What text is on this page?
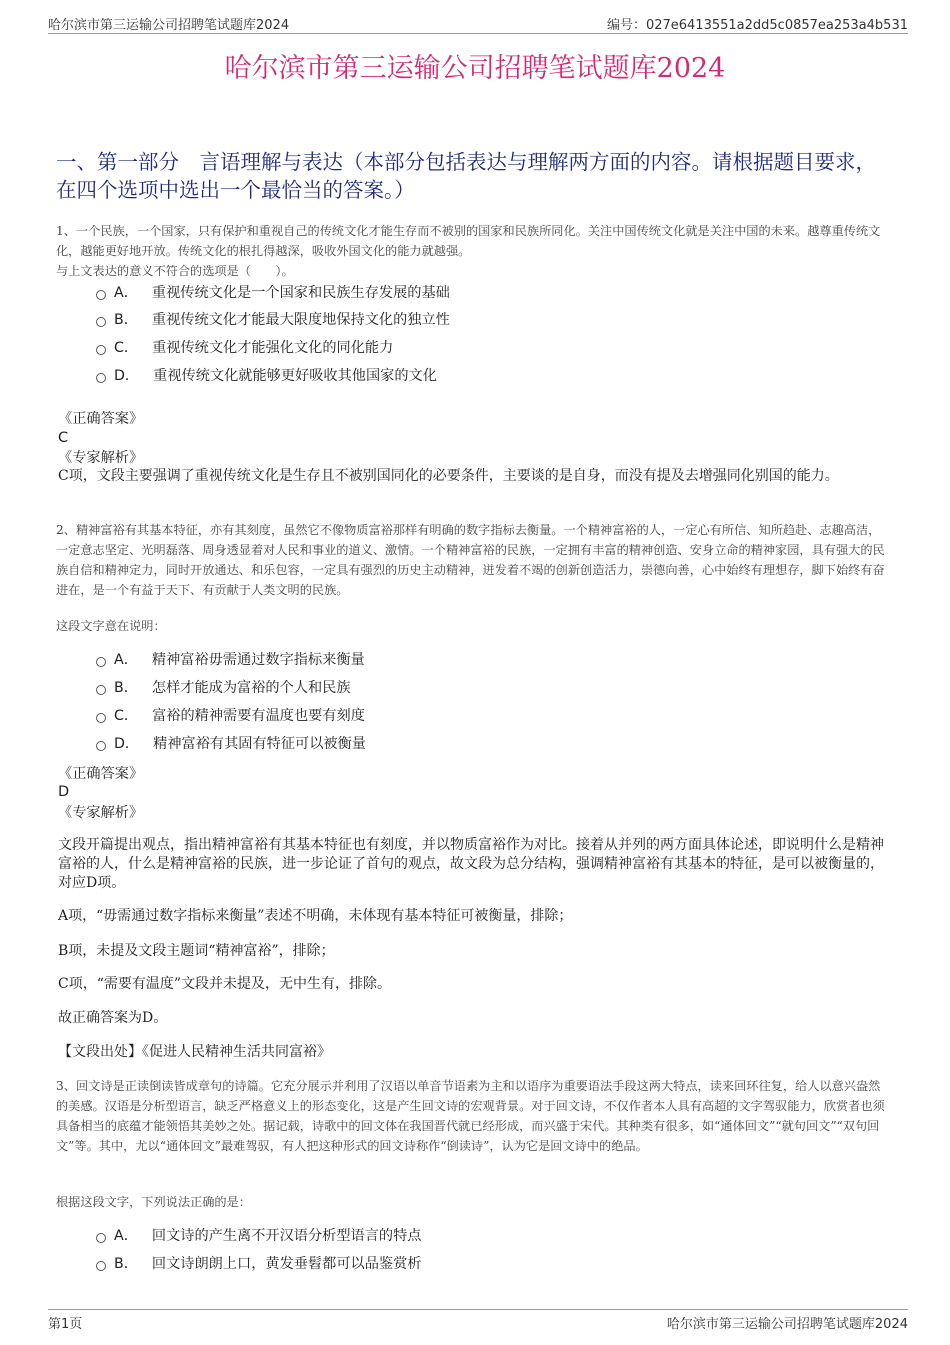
哈尔滨市第三运输公司招聘笔试题库2024	编号：027e6413551a2dd5c0857ea253a4b531
哈尔滨市第三运输公司招聘笔试题库2024
一、第一部分　言语理解与表达（本部分包括表达与理解两方面的内容。请根据题目要求，在四个选项中选出一个最恰当的答案。）
1、一个民族，一个国家，只有保护和重视自己的传统文化才能生存而不被别的国家和民族所同化。关注中国传统文化就是关注中国的未来。越尊重传统文化，越能更好地开放。传统文化的根扎得越深，吸收外国文化的能力就越强。
与上文表达的意义不符合的选项是（　　）。
A． 重视传统文化是一个国家和民族生存发展的基础
B． 重视传统文化才能最大限度地保持文化的独立性
C． 重视传统文化才能强化文化的同化能力
D． 重视传统文化就能够更好吸收其他国家的文化
《正确答案》
C
《专家解析》
C项，文段主要强调了重视传统文化是生存且不被别国同化的必要条件，主要谈的是自身，而没有提及去增强同化别国的能力。
2、精神富裕有其基本特征，亦有其刻度，虽然它不像物质富裕那样有明确的数字指标去衡量。一个精神富裕的人，一定心有所信、知所趋赴、志趣高洁，一定意志坚定、光明磊落、周身透显着对人民和事业的道义、激情。一个精神富裕的民族，一定拥有丰富的精神创造、安身立命的精神家园，具有强大的民族自信和精神定力，同时开放通达、和乐包容，一定具有强烈的历史主动精神，迸发着不竭的创新创造活力，崇德向善，心中始终有理想存，脚下始终有奋进在，是一个有益于天下、有贡献于人类文明的民族。
这段文字意在说明：
A． 精神富裕毋需通过数字指标来衡量
B． 怎样才能成为富裕的个人和民族
C． 富裕的精神需要有温度也要有刻度
D． 精神富裕有其固有特征可以被衡量
《正确答案》
D
《专家解析》
文段开篇提出观点，指出精神富裕有其基本特征也有刻度，并以物质富裕作为对比。接着从并列的两方面具体论述，即说明什么是精神富裕的人，什么是精神富裕的民族，进一步论证了首句的观点，故文段为总分结构，强调精神富裕有其基本的特征，是可以被衡量的，对应D项。
A项，“毋需通过数字指标来衡量”表述不明确，未体现有基本特征可被衡量，排除；
B项，未提及文段主题词“精神富裕”，排除；
C项，“需要有温度”文段并未提及，无中生有，排除。
故正确答案为D。
【文段出处】《促进人民精神生活共同富裕》
3、回文诗是正读倒读皆成章句的诗篇。它充分展示并利用了汉语以单音节语素为主和以语序为重要语法手段这两大特点，读来回环往复，给人以意兴盎然的美感。汉语是分析型语言，缺乏严格意义上的形态变化，这是产生回文诗的宏观背景。对于回文诗，不仅作者本人具有高超的文字驾驭能力，欣赏者也须具备相当的底蕴才能领悟其美妙之处。据记载，诗歌中的回文体在我国晋代就已经形成，而兴盛于宋代。其种类有很多，如“通体回文”“就句回文”“双句回文”等。其中，尤以“通体回文”最难驾驭，有人把这种形式的回文诗称作“倒读诗”，认为它是回文诗中的绝品。
根据这段文字，下列说法正确的是：
A． 回文诗的产生离不开汉语分析型语言的特点
B． 回文诗朗朗上口，黄发垂髫都可以品鉴赏析
第1页	哈尔滨市第三运输公司招聘笔试题库2024
